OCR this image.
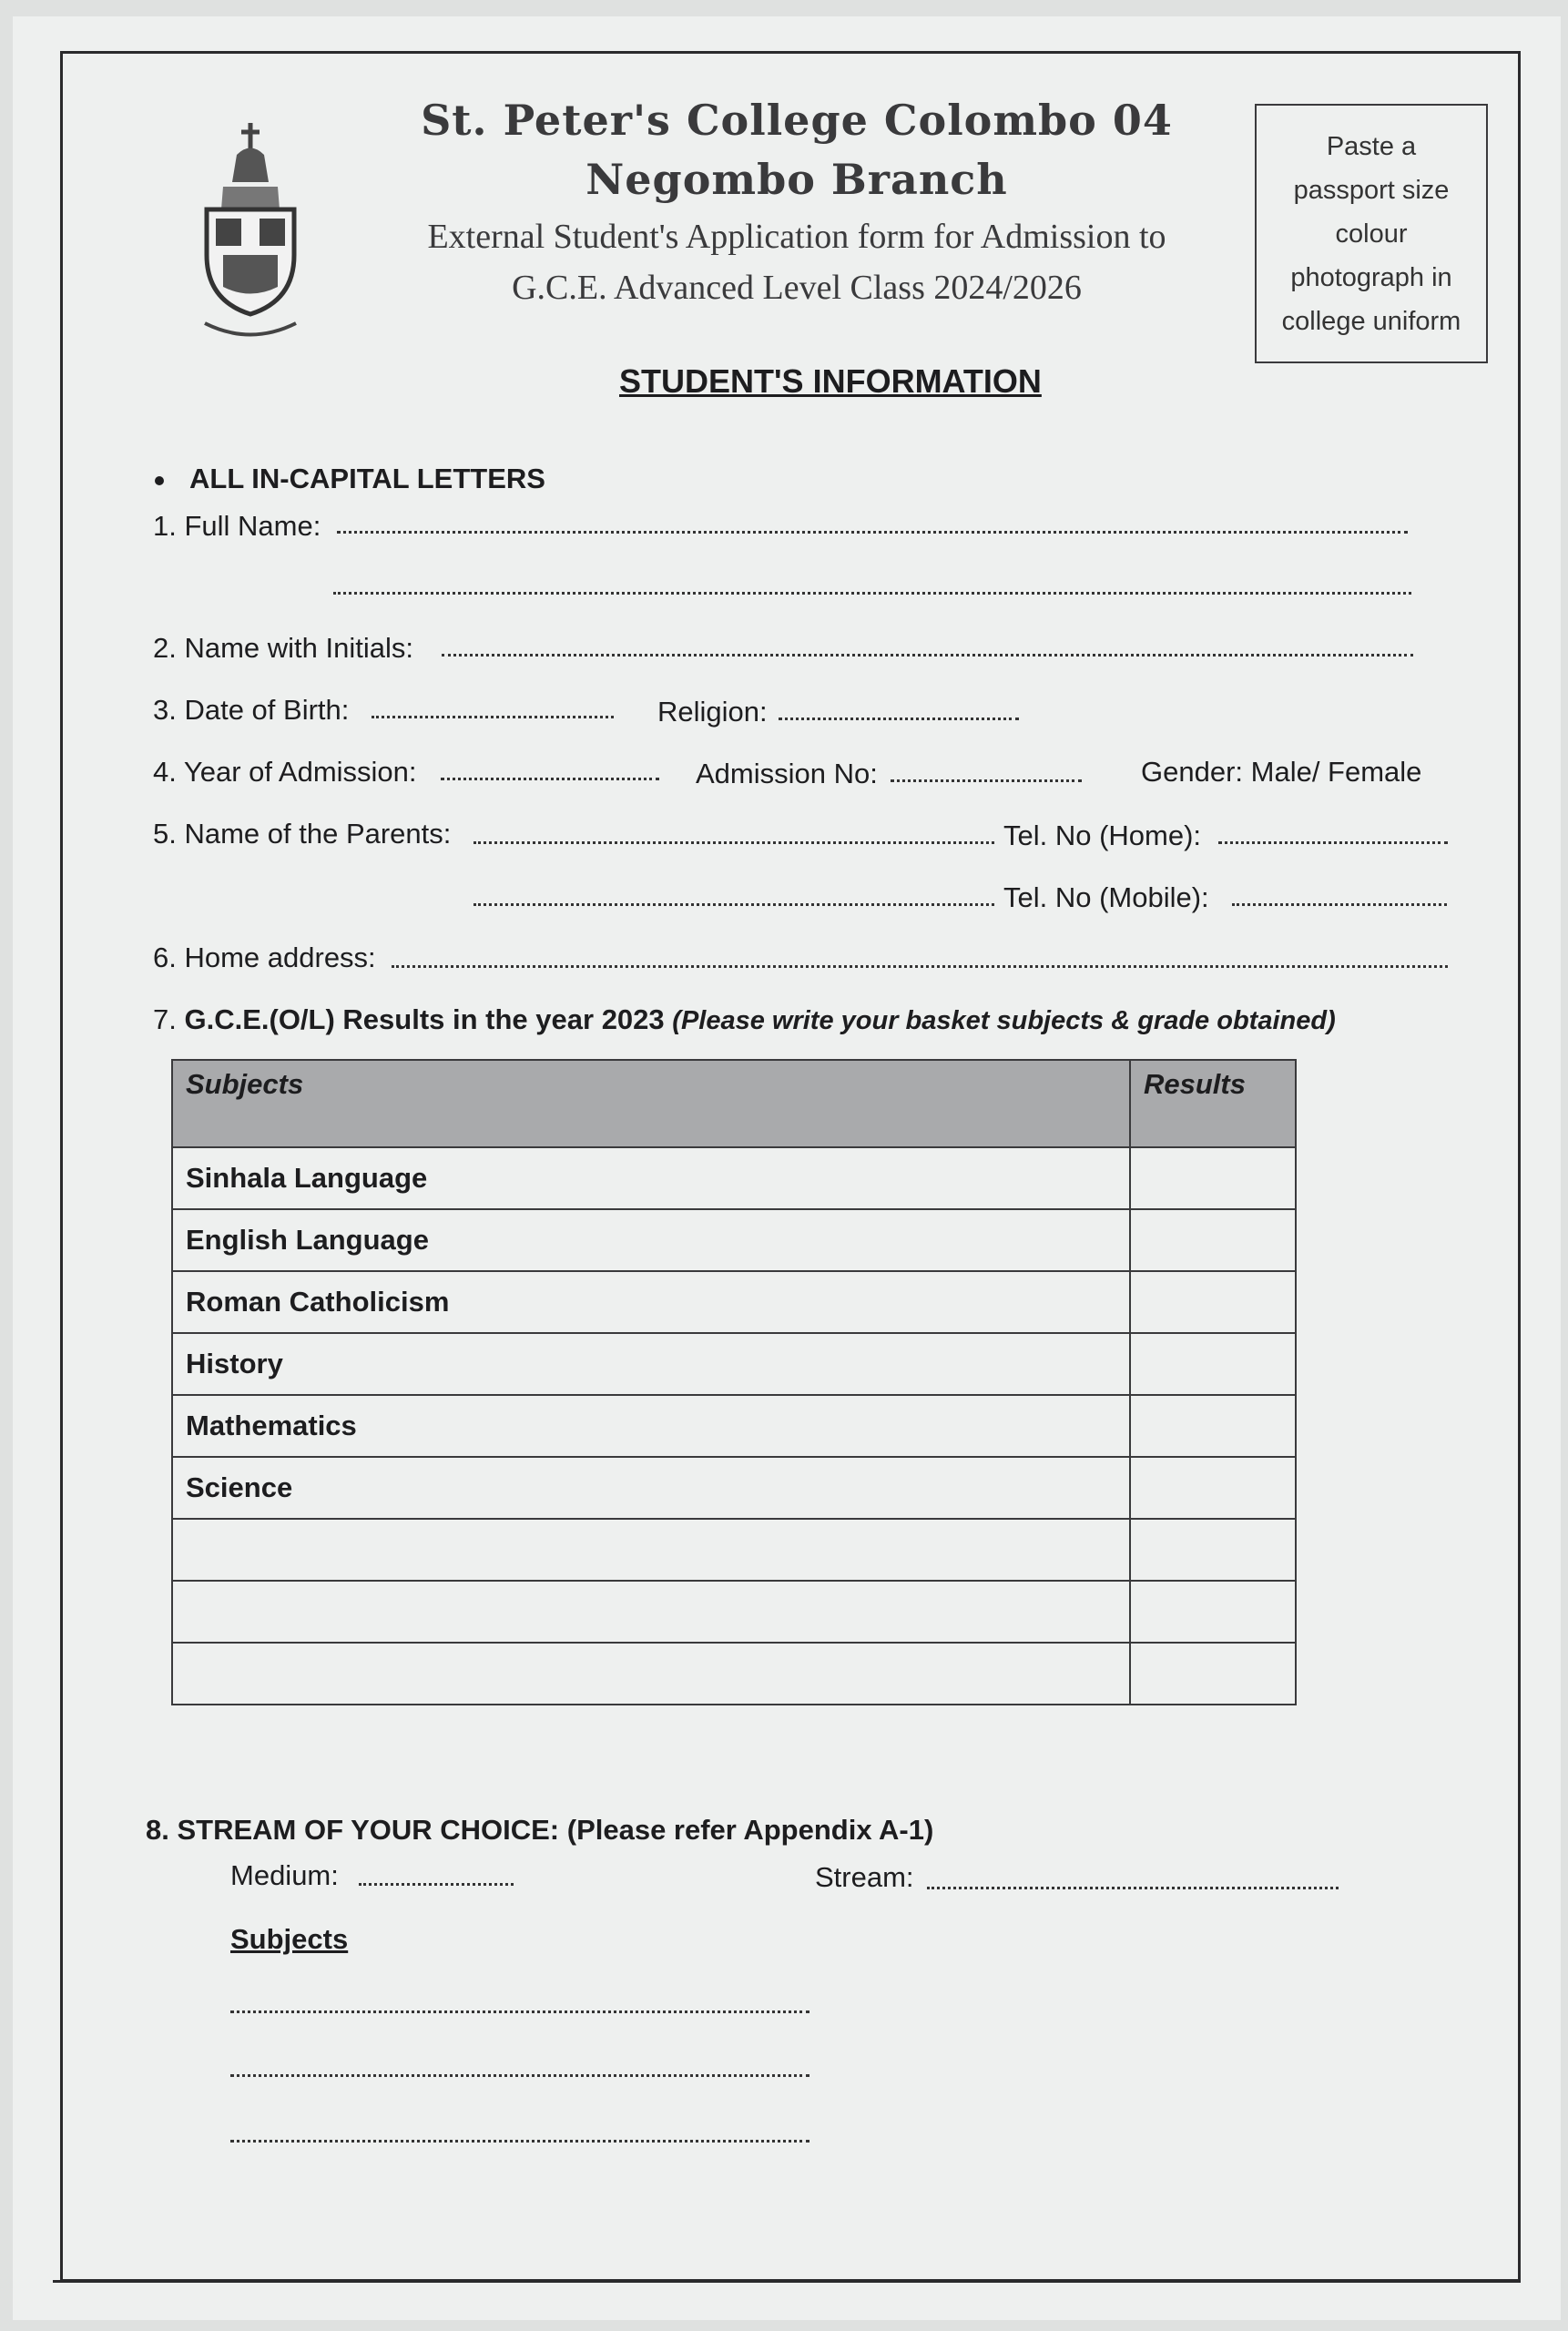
St. Peter's College Colombo 04
Negombo Branch
External Student's Application form for Admission to
G.C.E. Advanced Level Class 2024/2026
Paste a
passport size
colour
photograph in
college uniform
STUDENT'S INFORMATION
ALL IN-CAPITAL LETTERS
1. Full Name:
2. Name with Initials:
3. Date of Birth:	Religion:
4. Year of Admission:	Admission No:	Gender: Male/ Female
5. Name of the Parents:	Tel. No (Home):
Tel. No (Mobile):
6. Home address:
7. G.C.E.(O/L) Results in the year 2023 (Please write your basket subjects & grade obtained)
Subjects	Results
Sinhala Language	
English Language	
Roman Catholicism	
History	
Mathematics	
Science	

8. STREAM OF YOUR CHOICE: (Please refer Appendix A-1)
Medium:	Stream:
Subjects
